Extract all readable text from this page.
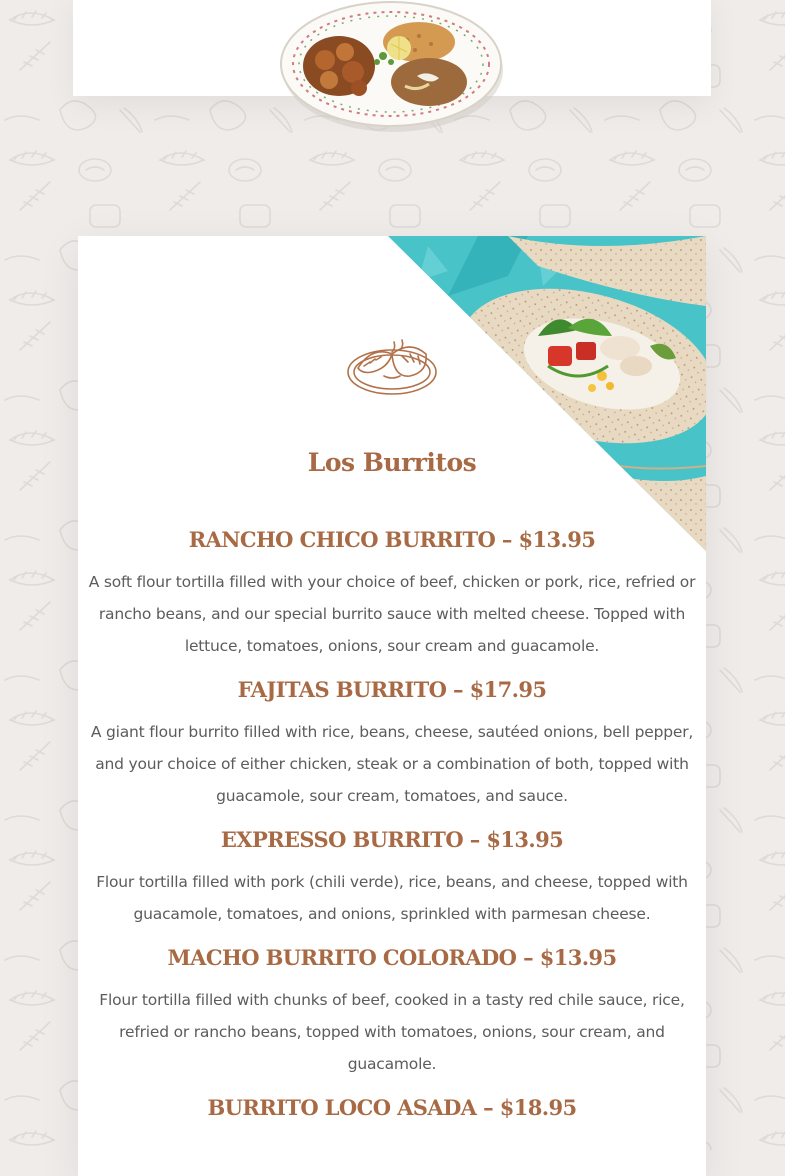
Los Burritos
RANCHO CHICO BURRITO – $13.95

A soft flour tortilla filled with your choice of beef, chicken or pork, rice, refried or rancho beans, and our special burrito sauce with melted cheese. Topped with lettuce, tomatoes, onions, sour cream and guacamole.

FAJITAS BURRITO – $17.95

A giant flour burrito filled with rice, beans, cheese, sautéed onions, bell pepper, and your choice of either chicken, steak or a combination of both, topped with guacamole, sour cream, tomatoes, and sauce.

EXPRESSO BURRITO – $13.95

Flour tortilla filled with pork (chili verde), rice, beans, and cheese, topped with guacamole, tomatoes, and onions, sprinkled with parmesan cheese.

MACHO BURRITO COLORADO – $13.95

Flour tortilla filled with chunks of beef, cooked in a tasty red chile sauce, rice, refried or rancho beans, topped with tomatoes, onions, sour cream, and guacamole.

BURRITO LOCO ASADA – $18.95
